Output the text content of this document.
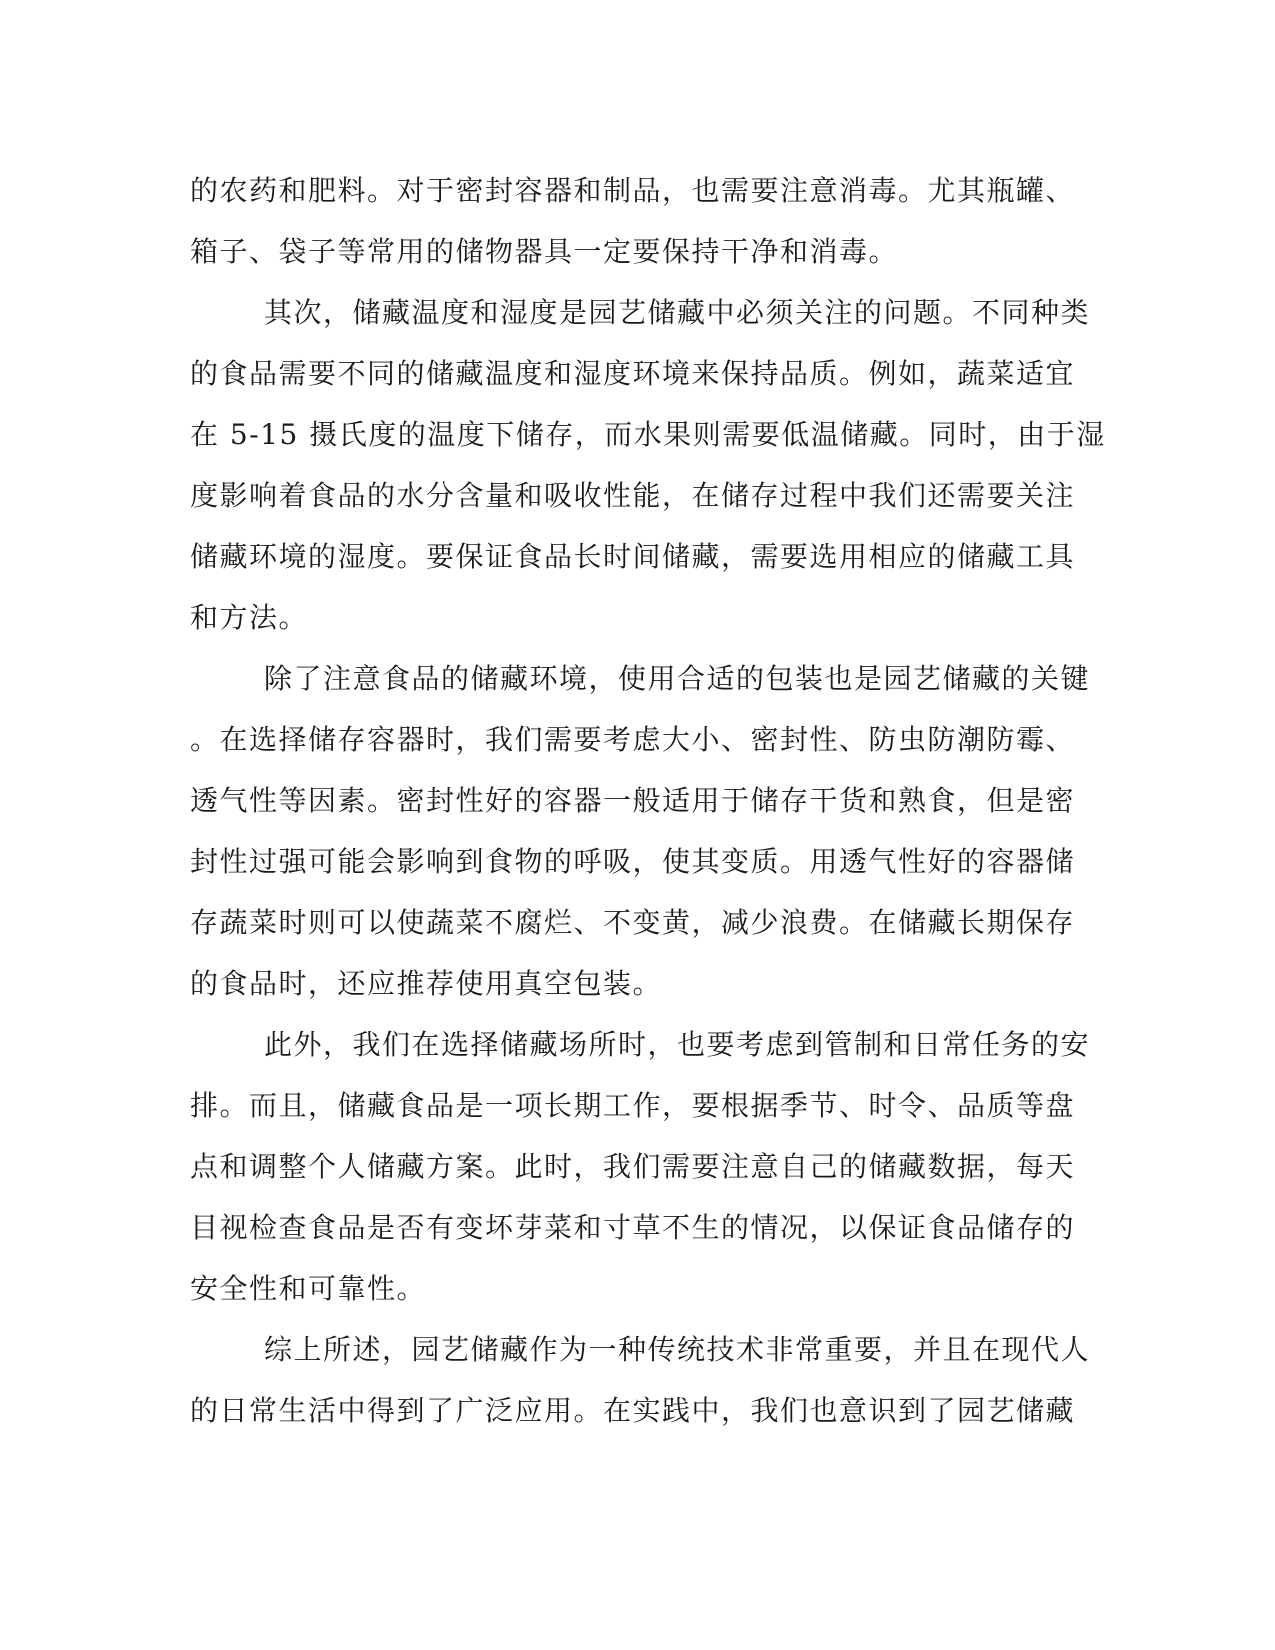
的农药和肥料。对于密封容器和制品，也需要注意消毒。尤其瓶罐、
箱子、袋子等常用的储物器具一定要保持干净和消毒。
其次，储藏温度和湿度是园艺储藏中必须关注的问题。不同种类
的食品需要不同的储藏温度和湿度环境来保持品质。例如，蔬菜适宜
在 5-15 摄氏度的温度下储存，而水果则需要低温储藏。同时，由于湿
度影响着食品的水分含量和吸收性能，在储存过程中我们还需要关注
储藏环境的湿度。要保证食品长时间储藏，需要选用相应的储藏工具
和方法。
除了注意食品的储藏环境，使用合适的包装也是园艺储藏的关键
。在选择储存容器时，我们需要考虑大小、密封性、防虫防潮防霉、
透气性等因素。密封性好的容器一般适用于储存干货和熟食，但是密
封性过强可能会影响到食物的呼吸，使其变质。用透气性好的容器储
存蔬菜时则可以使蔬菜不腐烂、不变黄，减少浪费。在储藏长期保存
的食品时，还应推荐使用真空包装。
此外，我们在选择储藏场所时，也要考虑到管制和日常任务的安
排。而且，储藏食品是一项长期工作，要根据季节、时令、品质等盘
点和调整个人储藏方案。此时，我们需要注意自己的储藏数据，每天
目视检查食品是否有变坏芽菜和寸草不生的情况，以保证食品储存的
安全性和可靠性。
综上所述，园艺储藏作为一种传统技术非常重要，并且在现代人
的日常生活中得到了广泛应用。在实践中，我们也意识到了园艺储藏
